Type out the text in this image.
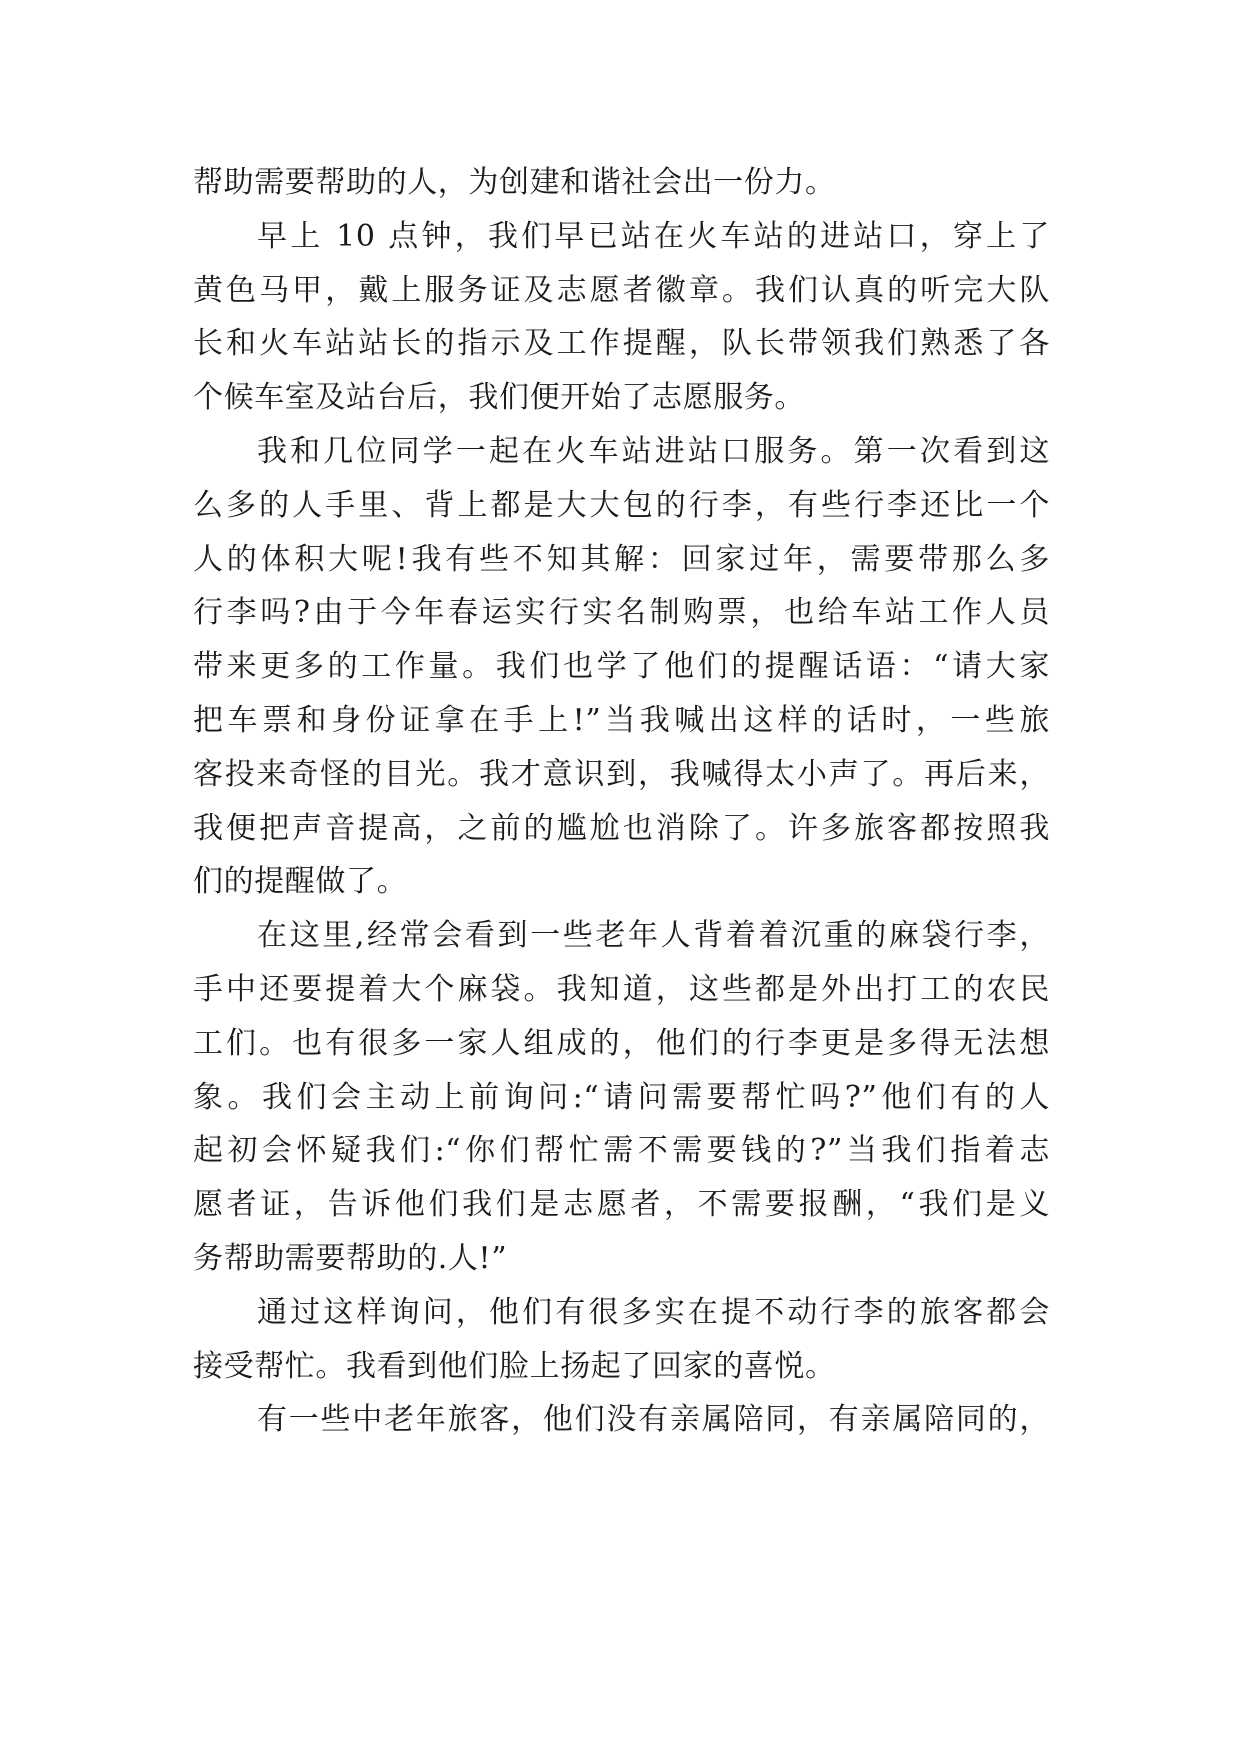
帮助需要帮助的人，为创建和谐社会出一份力。
早上 10 点钟，我们早已站在火车站的进站口，穿上了
黄色马甲，戴上服务证及志愿者徽章。我们认真的听完大队
长和火车站站长的指示及工作提醒，队长带领我们熟悉了各
个候车室及站台后，我们便开始了志愿服务。
我和几位同学一起在火车站进站口服务。第一次看到这
么多的人手里、背上都是大大包的行李，有些行李还比一个
人的体积大呢!我有些不知其解：回家过年，需要带那么多
行李吗?由于今年春运实行实名制购票，也给车站工作人员
带来更多的工作量。我们也学了他们的提醒话语：“请大家
把车票和身份证拿在手上!”当我喊出这样的话时，一些旅
客投来奇怪的目光。我才意识到，我喊得太小声了。再后来，
我便把声音提高，之前的尴尬也消除了。许多旅客都按照我
们的提醒做了。
在这里,经常会看到一些老年人背着着沉重的麻袋行李，
手中还要提着大个麻袋。我知道，这些都是外出打工的农民
工们。也有很多一家人组成的，他们的行李更是多得无法想
象。我们会主动上前询问:“请问需要帮忙吗?”他们有的人
起初会怀疑我们:“你们帮忙需不需要钱的?”当我们指着志
愿者证，告诉他们我们是志愿者，不需要报酬，“我们是义
务帮助需要帮助的.人!”
通过这样询问，他们有很多实在提不动行李的旅客都会
接受帮忙。我看到他们脸上扬起了回家的喜悦。
有一些中老年旅客，他们没有亲属陪同，有亲属陪同的，
